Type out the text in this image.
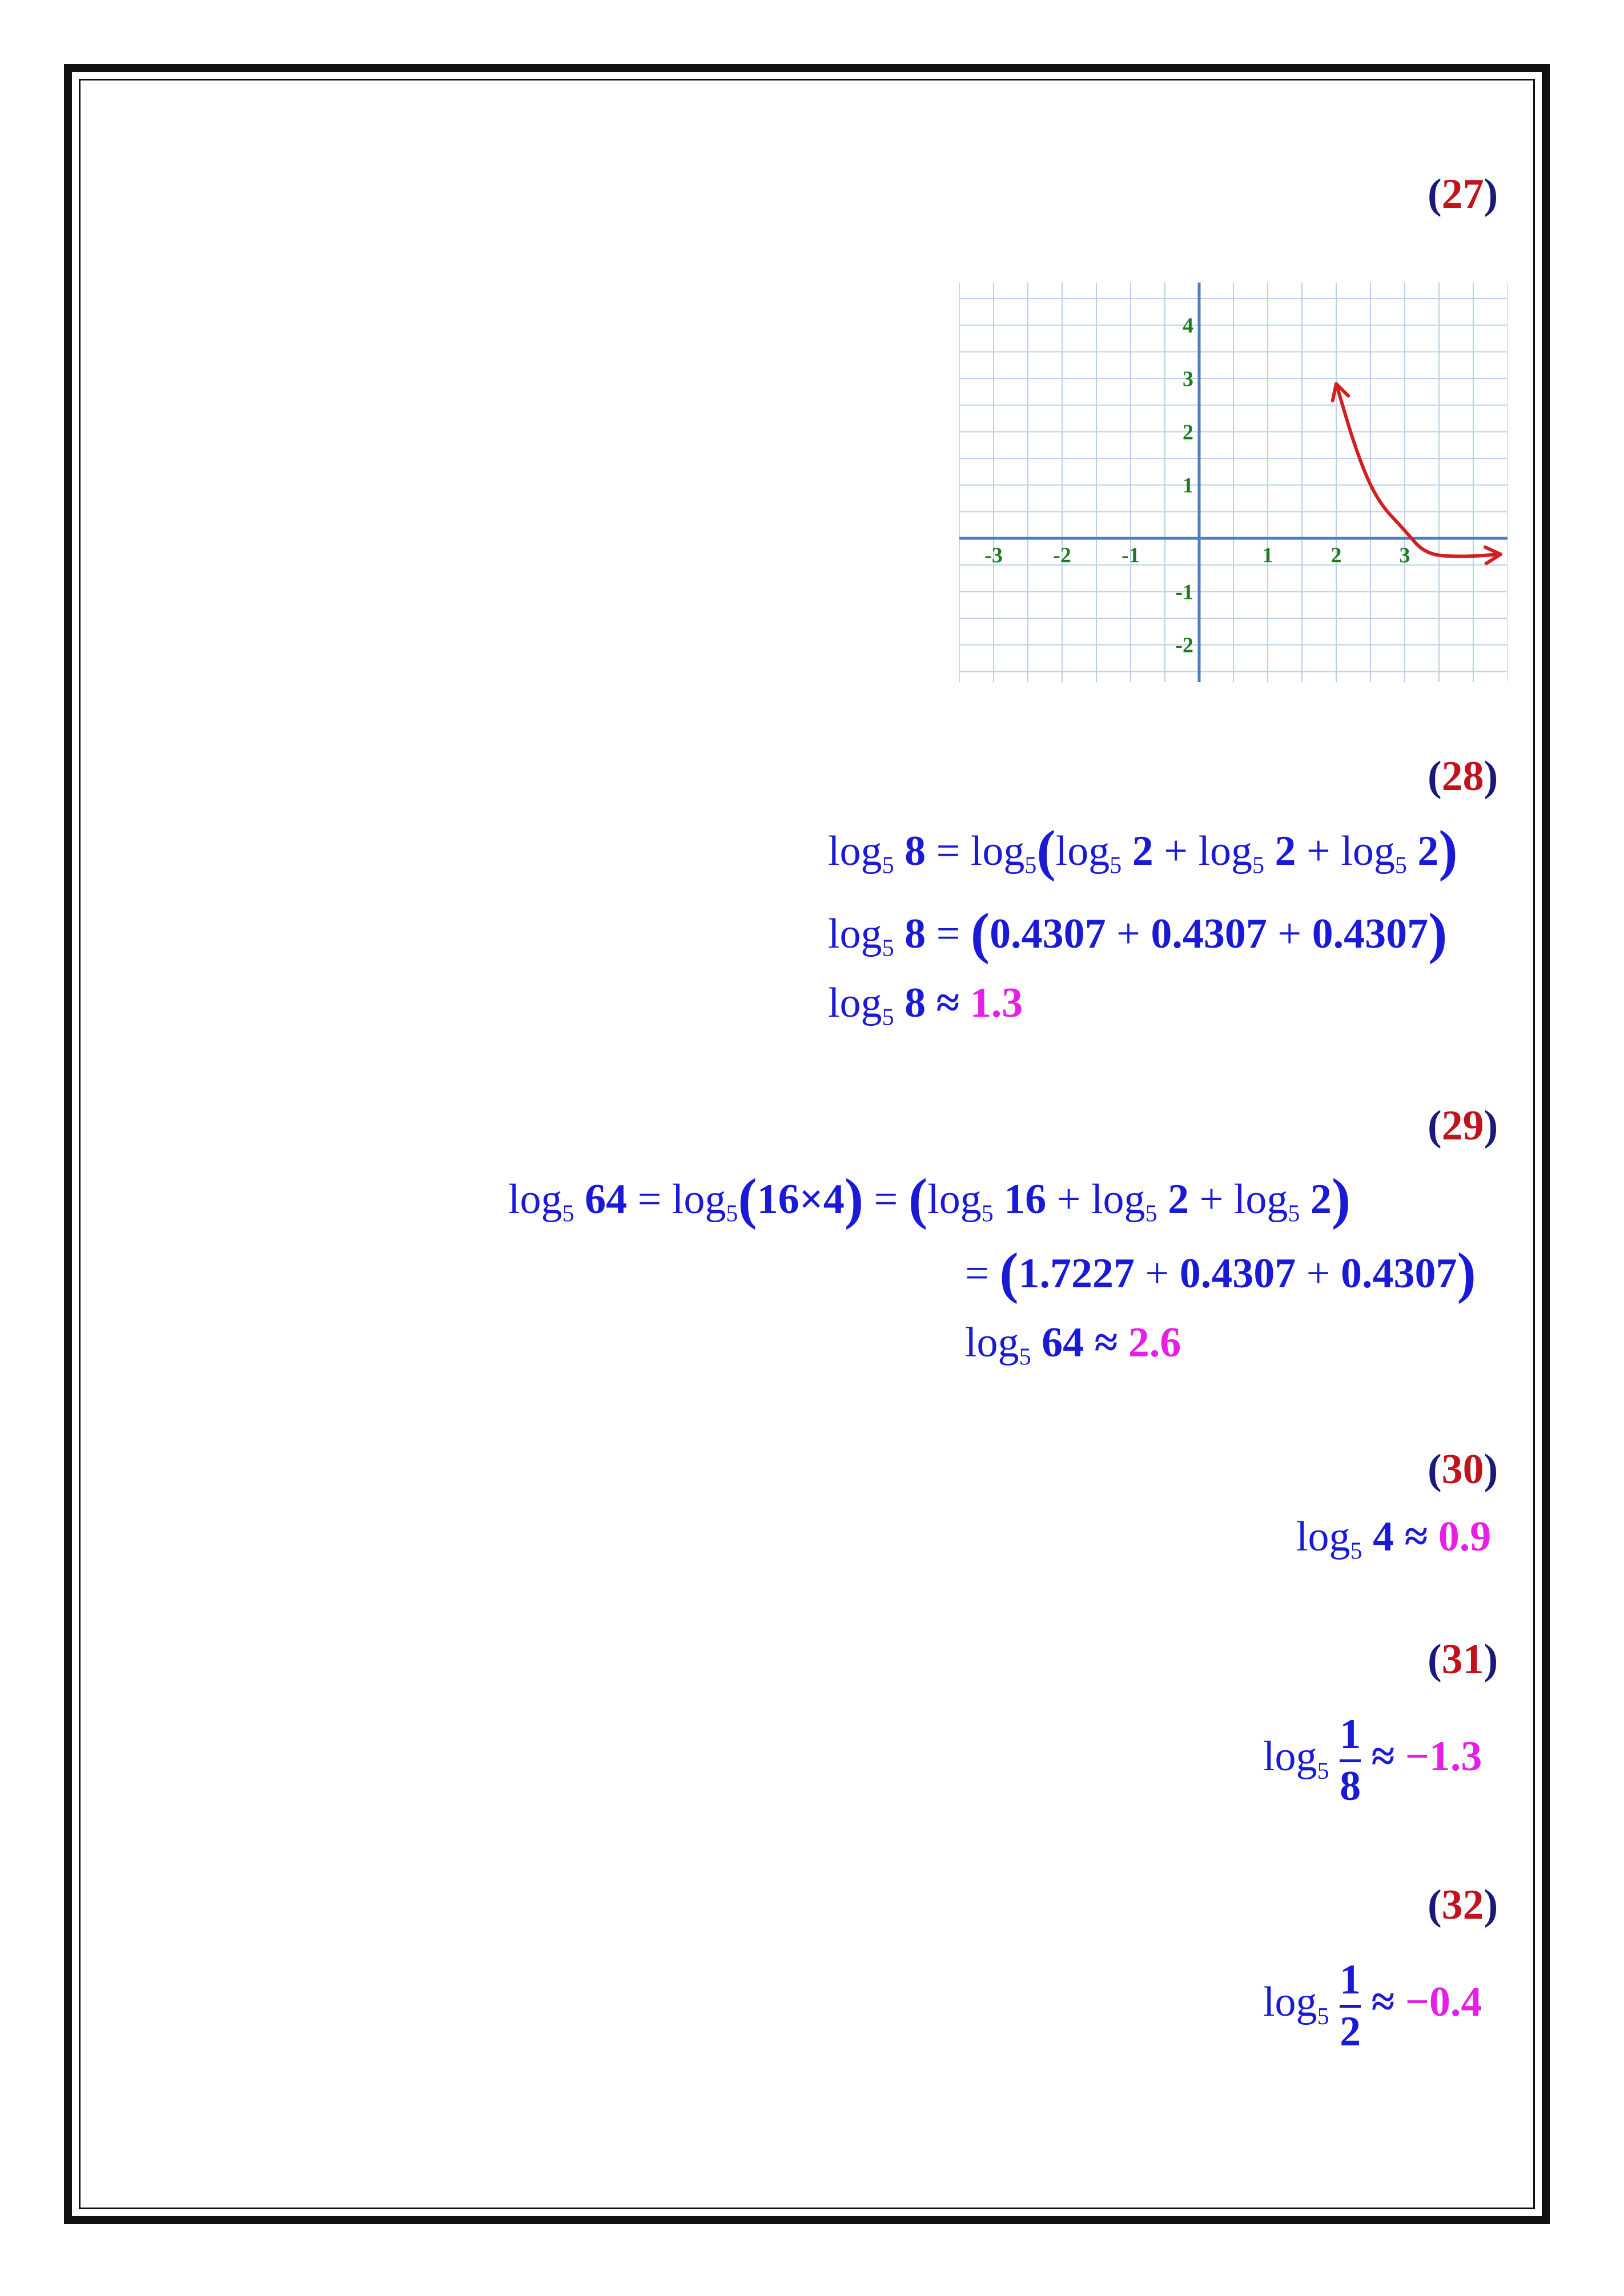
(27)
-3 -2 -1	1	2	3
4
3
2
1
-1
-2
(28)
$\log_5 8 = \log_5(\log_5$ $2 + \log_5 2 + \log_5 2$)
$\log_5 8 = (0.4307 + 0.4307 + 0.4307)$
$\log_5 8 \approx 1.3$
(29)
$\log_5 64 = \log_5(16\times 4) = (\log_5$ $16 + \log_5 2 + \log_5 2$)
= (1.7227 + 0.4307 + 0.4307)
$\log_5 64 \approx 2.6$
(30)
$\log_5 4 \approx 0.9$
(31)
$\log_5$
1
8
≈ −1.3
(32)
$\log_5$
1
2
≈ −0.4
